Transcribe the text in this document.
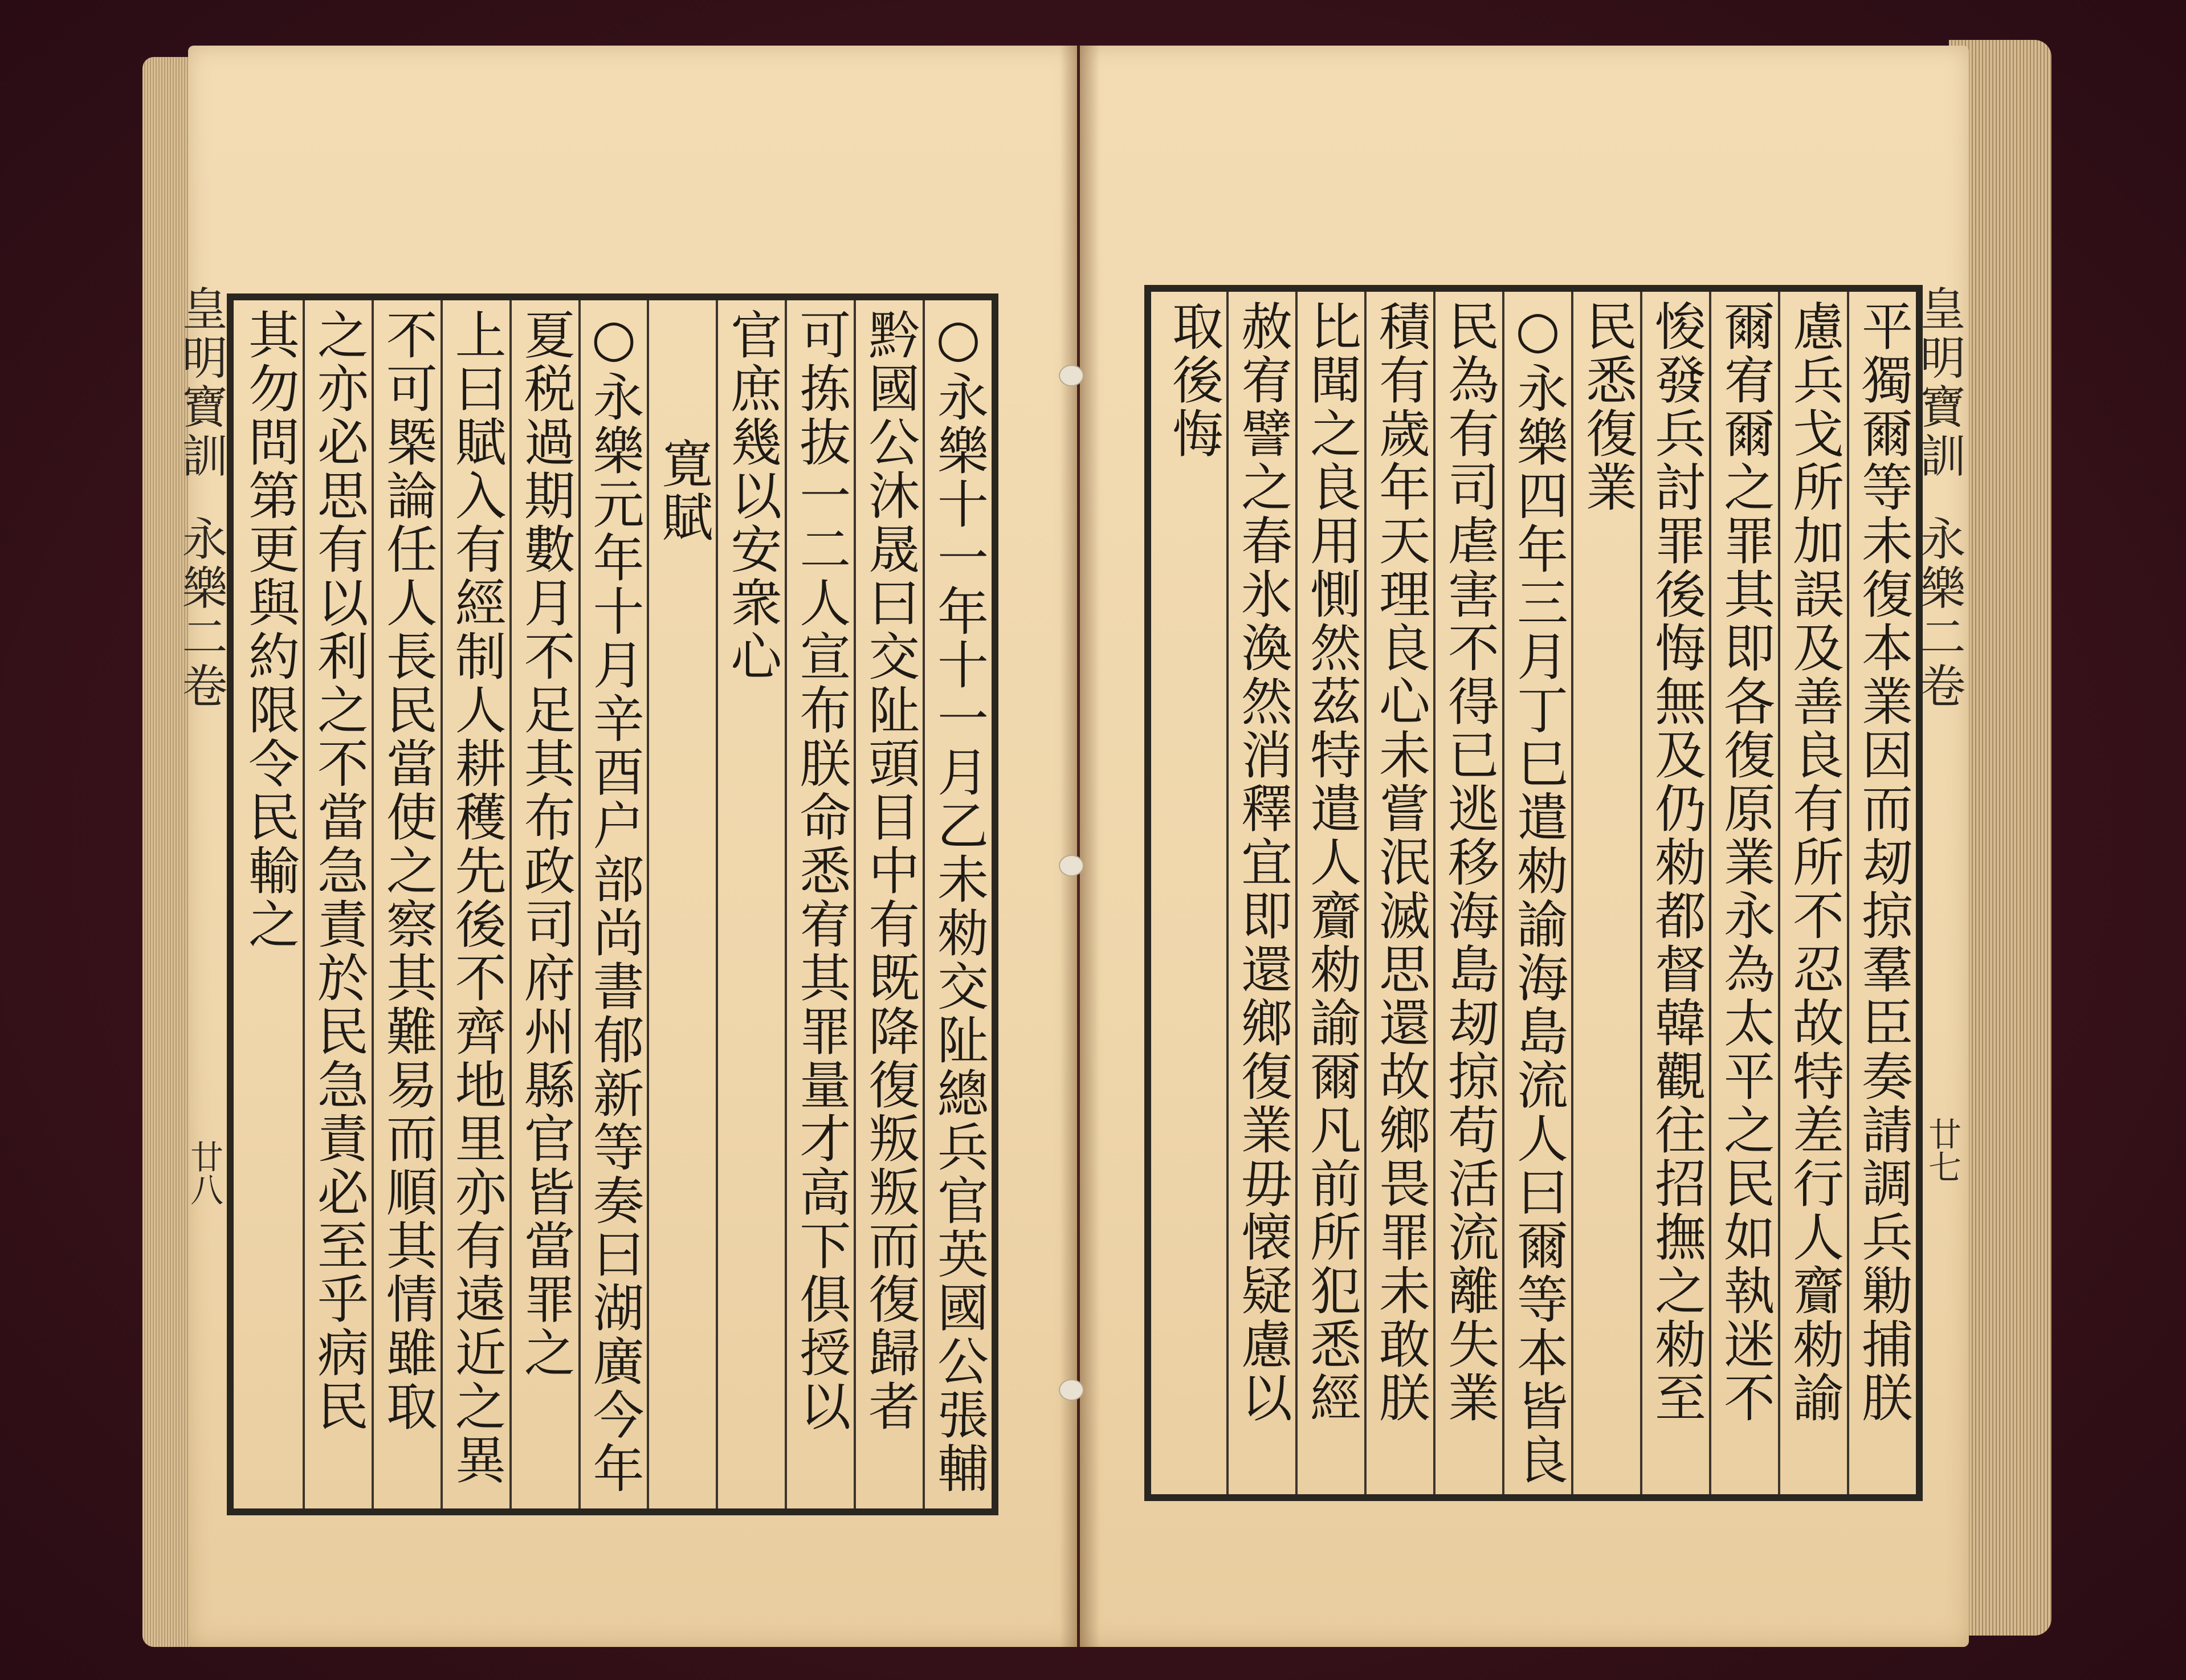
皇明寶訓永樂二卷
廿八	○永樂十一年十一月乙未勑交阯總兵官英國公張輔
黔國公沐晟曰交阯頭目中有既降復叛叛而復歸者
可拣抜一二人宣布朕命悉宥其罪量才高下俱授以
官庶幾以安衆心
寛賦
○永樂元年十月辛酉户部尚書郁新等奏曰湖廣今年
夏税過期數月不足其布政司府州縣官皆當罪之
上曰賦入有經制人耕穫先後不齊地里亦有遠近之異
不可槩論任人長民當使之察其難易而順其情雖取
之亦必思有以利之不當急責於民急責必至乎病民
其勿問第更與約限令民輸之	皇明寶訓永樂二卷
廿七
平獨爾等未復本業因而刼掠羣臣奏請調兵勦捕朕
慮兵戈所加誤及善良有所不忍故特差行人齎勑諭
爾宥爾之罪其即各復原業永為太平之民如執迷不
悛發兵討罪後悔無及仍勑都督韓觀往招撫之勑至
民悉復業
○永樂四年三月丁巳遣勑諭海島流人曰爾等本皆良
民為有司虐害不得已逃移海島刼掠苟活流離失業
積有歲年天理良心未嘗泯滅思還故鄉畏罪未敢朕
比聞之良用惻然茲特遣人齎勑諭爾凡前所犯悉經
赦宥譬之春氷渙然消釋宜即還鄉復業毋懐疑慮以
取後悔
